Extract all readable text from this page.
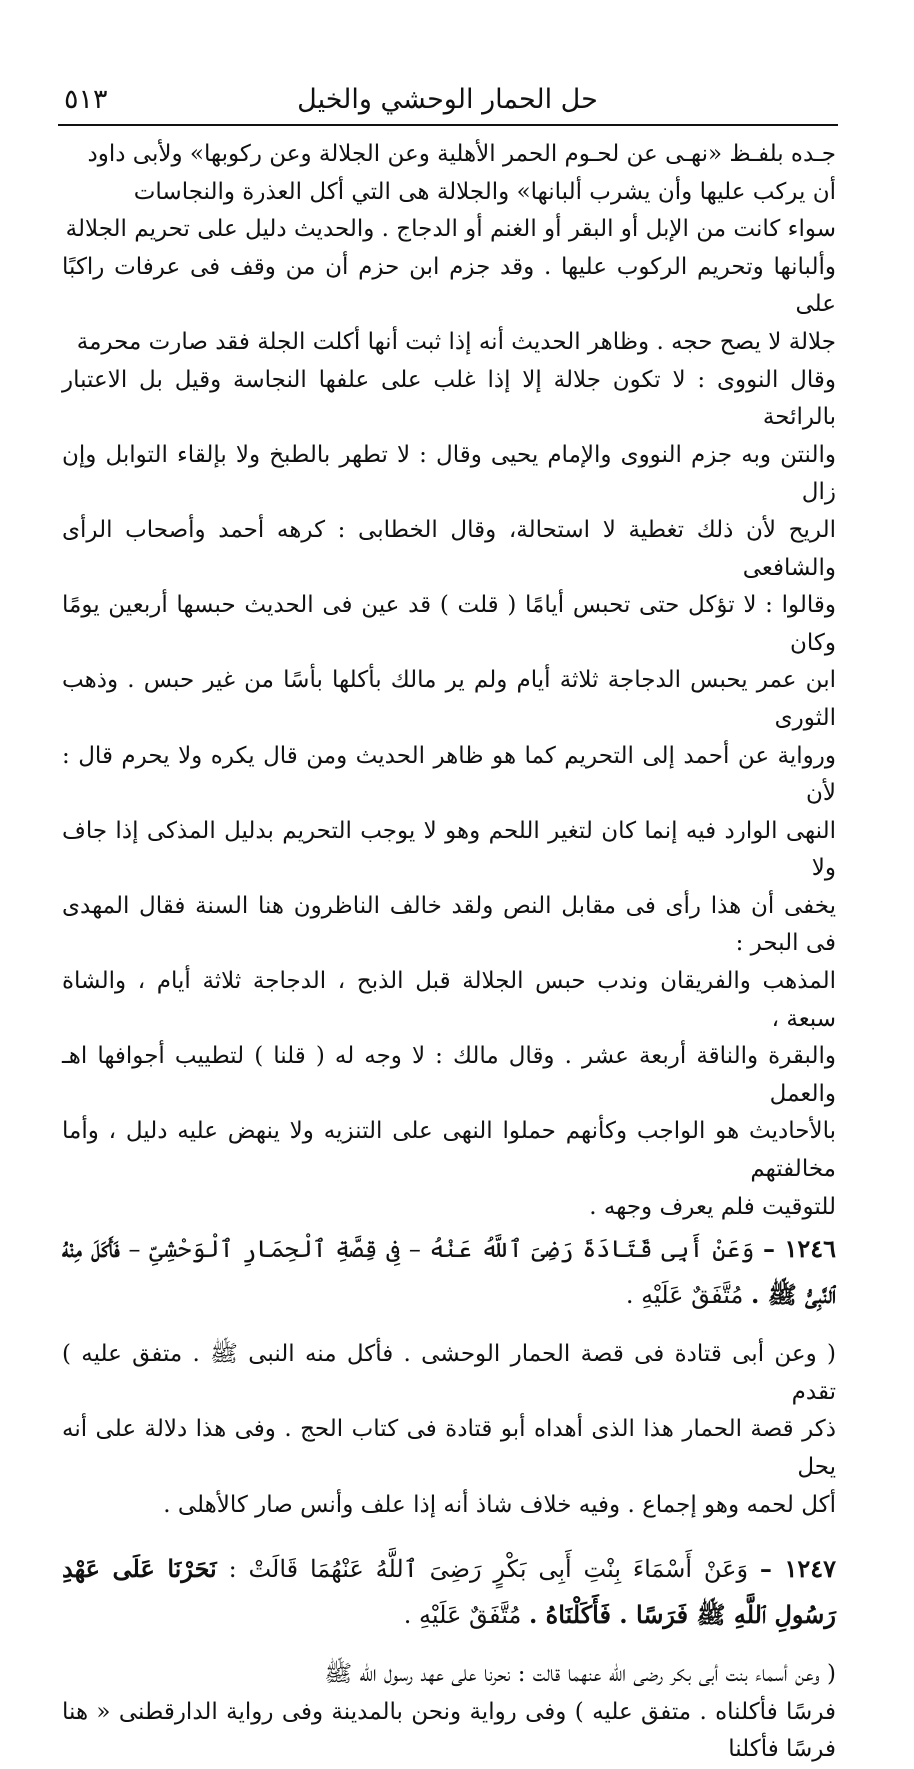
حل الحمار الوحشي والخيل
٥١٣

جـده بلفـظ «نهـى عن لحـوم الحمر الأهلية وعن الجلالة وعن ركوبها» ولأبى داود

أن يركب عليها وأن يشرب ألبانها» والجلالة هى التي أكل العذرة والنجاسات

سواء كانت من الإبل أو البقر أو الغنم أو الدجاج . والحديث دليل على تحريم الجلالة

وألبانها وتحريم الركوب عليها . وقد جزم ابن حزم أن من وقف فى عرفات راكبًا على

جلالة لا يصح حجه . وظاهر الحديث أنه إذا ثبت أنها أكلت الجلة فقد صارت محرمة

وقال النووى : لا تكون جلالة إلا إذا غلب على علفها النجاسة وقيل بل الاعتبار بالرائحة

والنتن وبه جزم النووى والإمام يحيى وقال : لا تطهر بالطبخ ولا بإلقاء التوابل وإن زال

الريح لأن ذلك تغطية لا استحالة، وقال الخطابى : كرهه أحمد وأصحاب الرأى والشافعى

وقالوا : لا تؤكل حتى تحبس أيامًا ( قلت ) قد عين فى الحديث حبسها أربعين يومًا وكان

ابن عمر يحبس الدجاجة ثلاثة أيام ولم ير مالك بأكلها بأسًا من غير حبس . وذهب الثورى

ورواية عن أحمد إلى التحريم كما هو ظاهر الحديث ومن قال يكره ولا يحرم قال : لأن

النهى الوارد فيه إنما كان لتغير اللحم وهو لا يوجب التحريم بدليل المذكى إذا جاف ولا

يخفى أن هذا رأى فى مقابل النص ولقد خالف الناظرون هنا السنة فقال المهدى فى البحر :

المذهب والفريقان وندب حبس الجلالة قبل الذبح ، الدجاجة ثلاثة أيام ، والشاة سبعة ،

والبقرة والناقة أربعة عشر . وقال مالك : لا وجه له ( قلنا ) لتطييب أجوافها اهـ والعمل

بالأحاديث هو الواجب وكأنهم حملوا النهى على التنزيه ولا ينهض عليه دليل ، وأما مخالفتهم

للتوقيت فلم يعرف وجهه .

١٢٤٦ – وَعَنْ أَبِى قَتَادَةَ رَضِىَ ٱللَّهُ عَنْهُ – فِى قِصَّةِ ٱلْحِمَارِ ٱلْوَحْشِىِّ – فَأَكَلَ مِنْهُ ٱلنَّبِىُّ ﷺ . مُتَّفَقٌ عَلَيْهِ .

( وعن أبى قتادة فى قصة الحمار الوحشى . فأكل منه النبى ﷺ . متفق عليه ) تقدم

ذكر قصة الحمار هذا الذى أهداه أبو قتادة فى كتاب الحج . وفى هذا دلالة على أنه يحل

أكل لحمه وهو إجماع . وفيه خلاف شاذ أنه إذا علف وأنس صار كالأهلى .

١٢٤٧ – وَعَنْ أَسْمَاءَ بِنْتِ أَبِى بَكْرٍ رَضِىَ ٱللَّهُ عَنْهُمَا قَالَتْ : نَحَرْنَا عَلَى عَهْدِ رَسُولِ ٱللَّهِ ﷺ فَرَسًا . فَأَكَلْنَاهُ . مُتَّفَقٌ عَلَيْهِ .

( وعن أسماء بنت أبى بكر رضى الله عنهما قالت : نحرنا على عهد رسول الله ﷺ

فرسًا فأكلناه . متفق عليه ) وفى رواية ونحن بالمدينة وفى رواية الدارقطنى « هنا فرسًا فأكلنا
